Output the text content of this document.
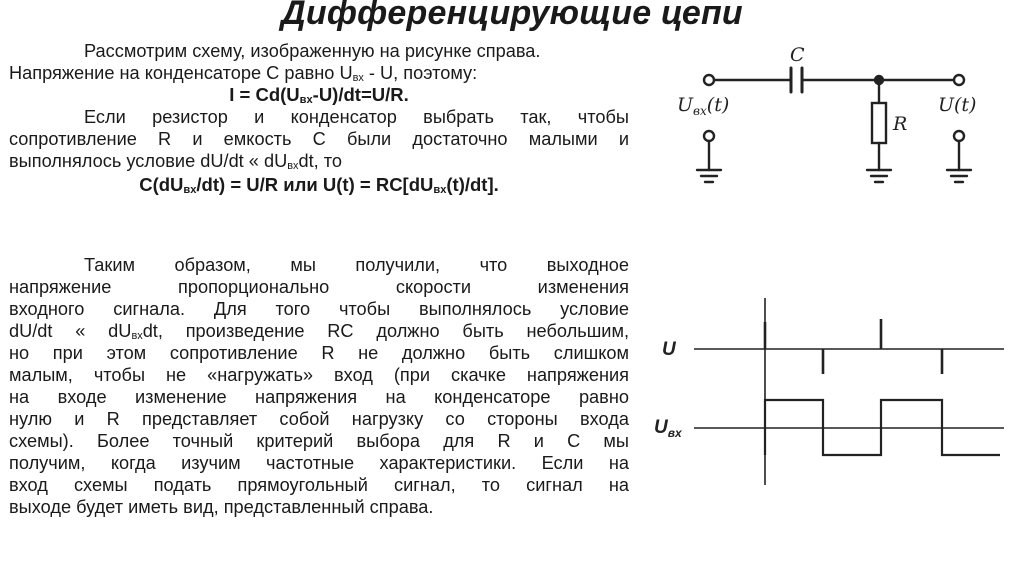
Дифференцирующие цепи
Рассмотрим схему, изображенную на рисунке справа.
Напряжение на конденсаторе C равно $U_{вх}$ - U, поэтому:
$I = Cd(U_{вх}-U)/dt=U/R$.
Если резистор и конденсатор выбрать так, чтобы
сопротивление R и емкость C были достаточно малыми и
выполнялось условие dU/dt « $dU_{вх}dt$, то
$C(dU_{вх}/dt) = U/R$ или $U(t) = RC[dU_{вх}(t)/dt]$.
Таким образом, мы получили, что выходное
напряжение пропорционально скорости изменения
входного сигнала. Для того чтобы выполнялось условие
dU/dt « $dU_{вх}dt$, произведение RC должно быть небольшим,
но при этом сопротивление R не должно быть слишком
малым, чтобы не «нагружать» вход (при скачке напряжения
на входе изменение напряжения на конденсаторе равно
нулю и R представляет собой нагрузку со стороны входа
схемы). Более точный критерий выбора для R и C мы
получим, когда изучим частотные характеристики. Если на
вход схемы подать прямоугольный сигнал, то сигнал на
выходе будет иметь вид, представленный справа.
C
R
$U_{вх}(t)$	U(t)
U
$U_{вх}$
